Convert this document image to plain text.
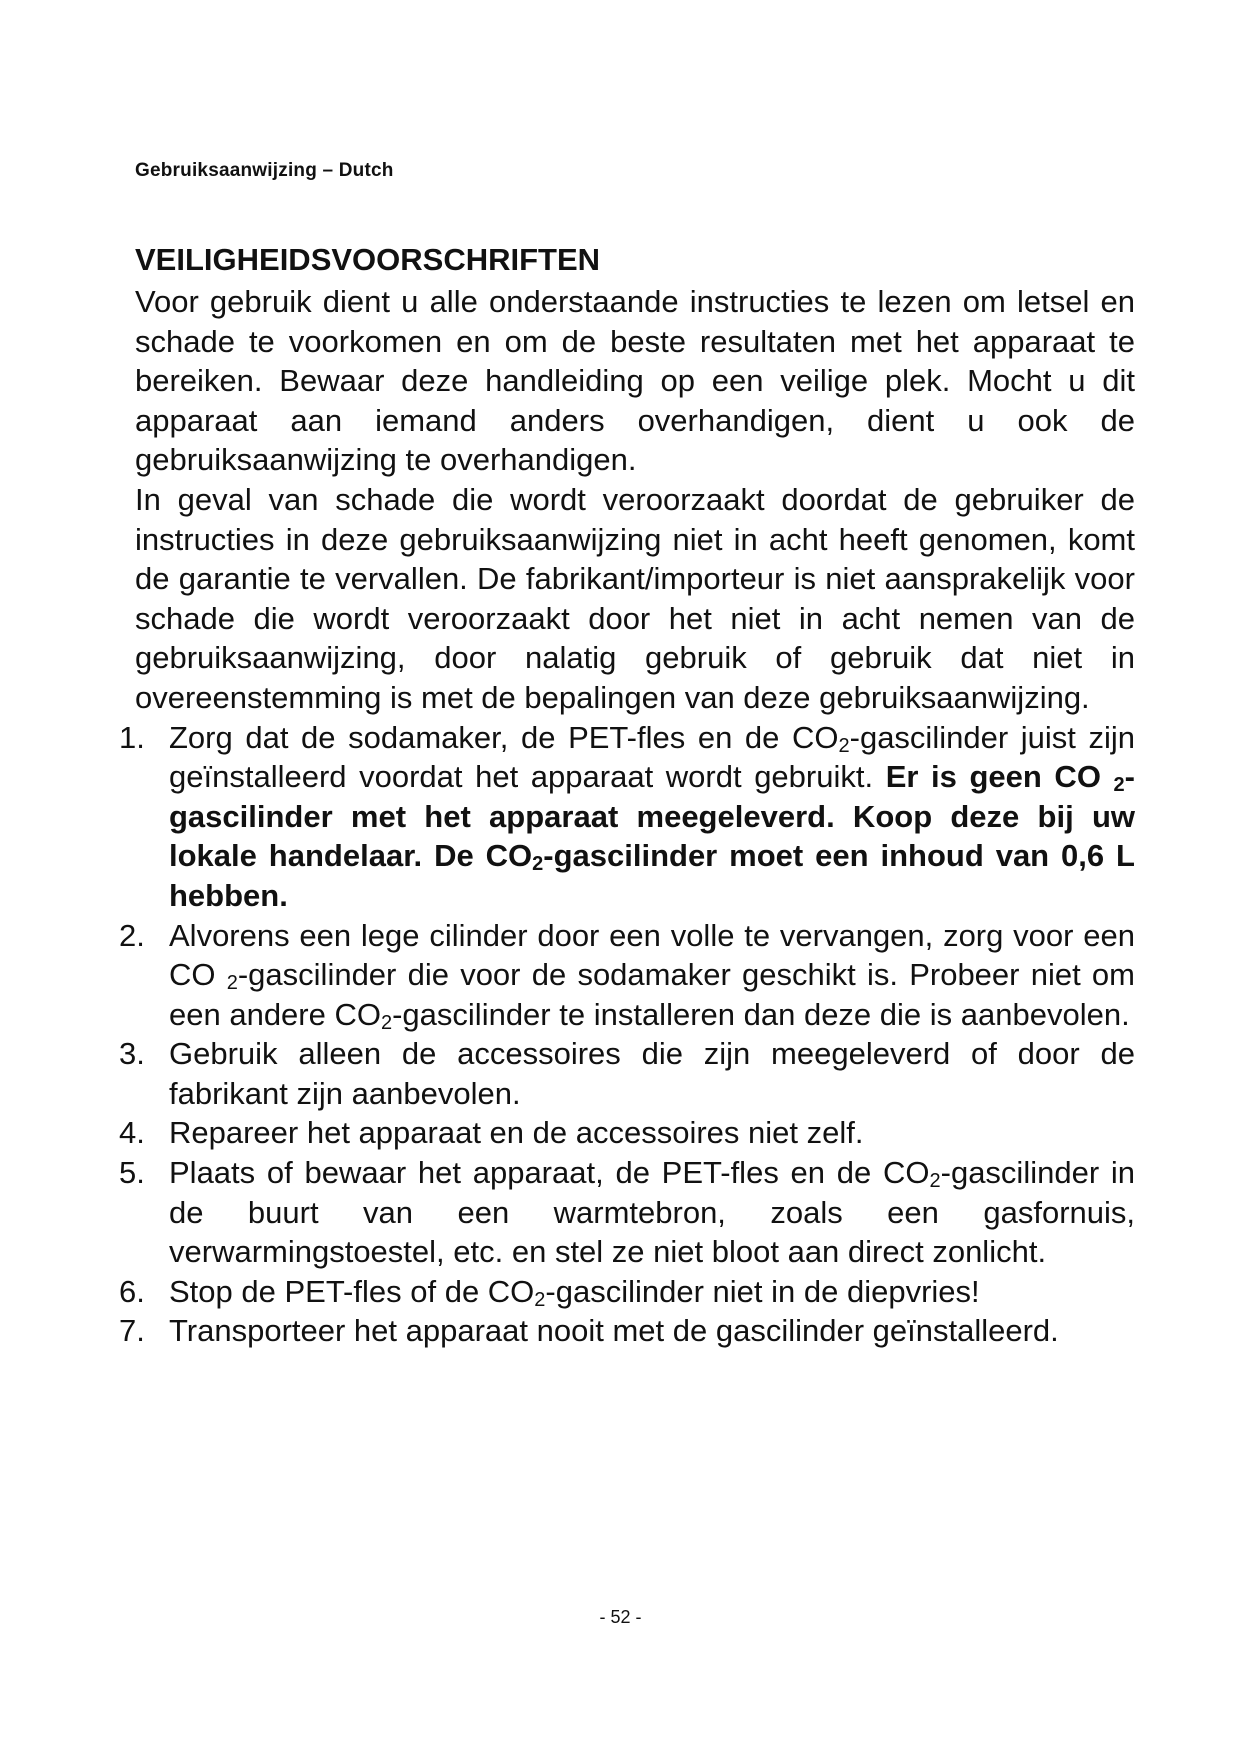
Gebruiksaanwijzing – Dutch
VEILIGHEIDSVOORSCHRIFTEN

Voor gebruik dient u alle onderstaande instructies te lezen om letsel en schade te voorkomen en om de beste resultaten met het apparaat te bereiken. Bewaar deze handleiding op een veilige plek. Mocht u dit apparaat aan iemand anders overhandigen, dient u ook de gebruiksaanwijzing te overhandigen.

In geval van schade die wordt veroorzaakt doordat de gebruiker de instructies in deze gebruiksaanwijzing niet in acht heeft genomen, komt de garantie te vervallen. De fabrikant/importeur is niet aansprakelijk voor schade die wordt veroorzaakt door het niet in acht nemen van de gebruiksaanwijzing, door nalatig gebruik of gebruik dat niet in overeenstemming is met de bepalingen van deze gebruiksaanwijzing.

1. Zorg dat de sodamaker, de PET-fles en de $CO_2$-gascilinder juist zijn geïnstalleerd voordat het apparaat wordt gebruikt. Er is geen CO $_2$-gascilinder met het apparaat meegeleverd. Koop deze bij uw lokale handelaar. De $CO_2$-gascilinder moet een inhoud van 0,6 L hebben.
2. Alvorens een lege cilinder door een volle te vervangen, zorg voor een CO $_2$-gascilinder die voor de sodamaker geschikt is. Probeer niet om een andere $CO_2$-gascilinder te installeren dan deze die is aanbevolen.
3. Gebruik alleen de accessoires die zijn meegeleverd of door de fabrikant zijn aanbevolen.
4. Repareer het apparaat en de accessoires niet zelf.
5. Plaats of bewaar het apparaat, de PET-fles en de $CO_2$-gascilinder in de buurt van een warmtebron, zoals een gasfornuis, verwarmingstoestel, etc. en stel ze niet bloot aan direct zonlicht.
6. Stop de PET-fles of de $CO_2$-gascilinder niet in de diepvries!
7. Transporteer het apparaat nooit met de gascilinder geïnstalleerd.
- 52 -
